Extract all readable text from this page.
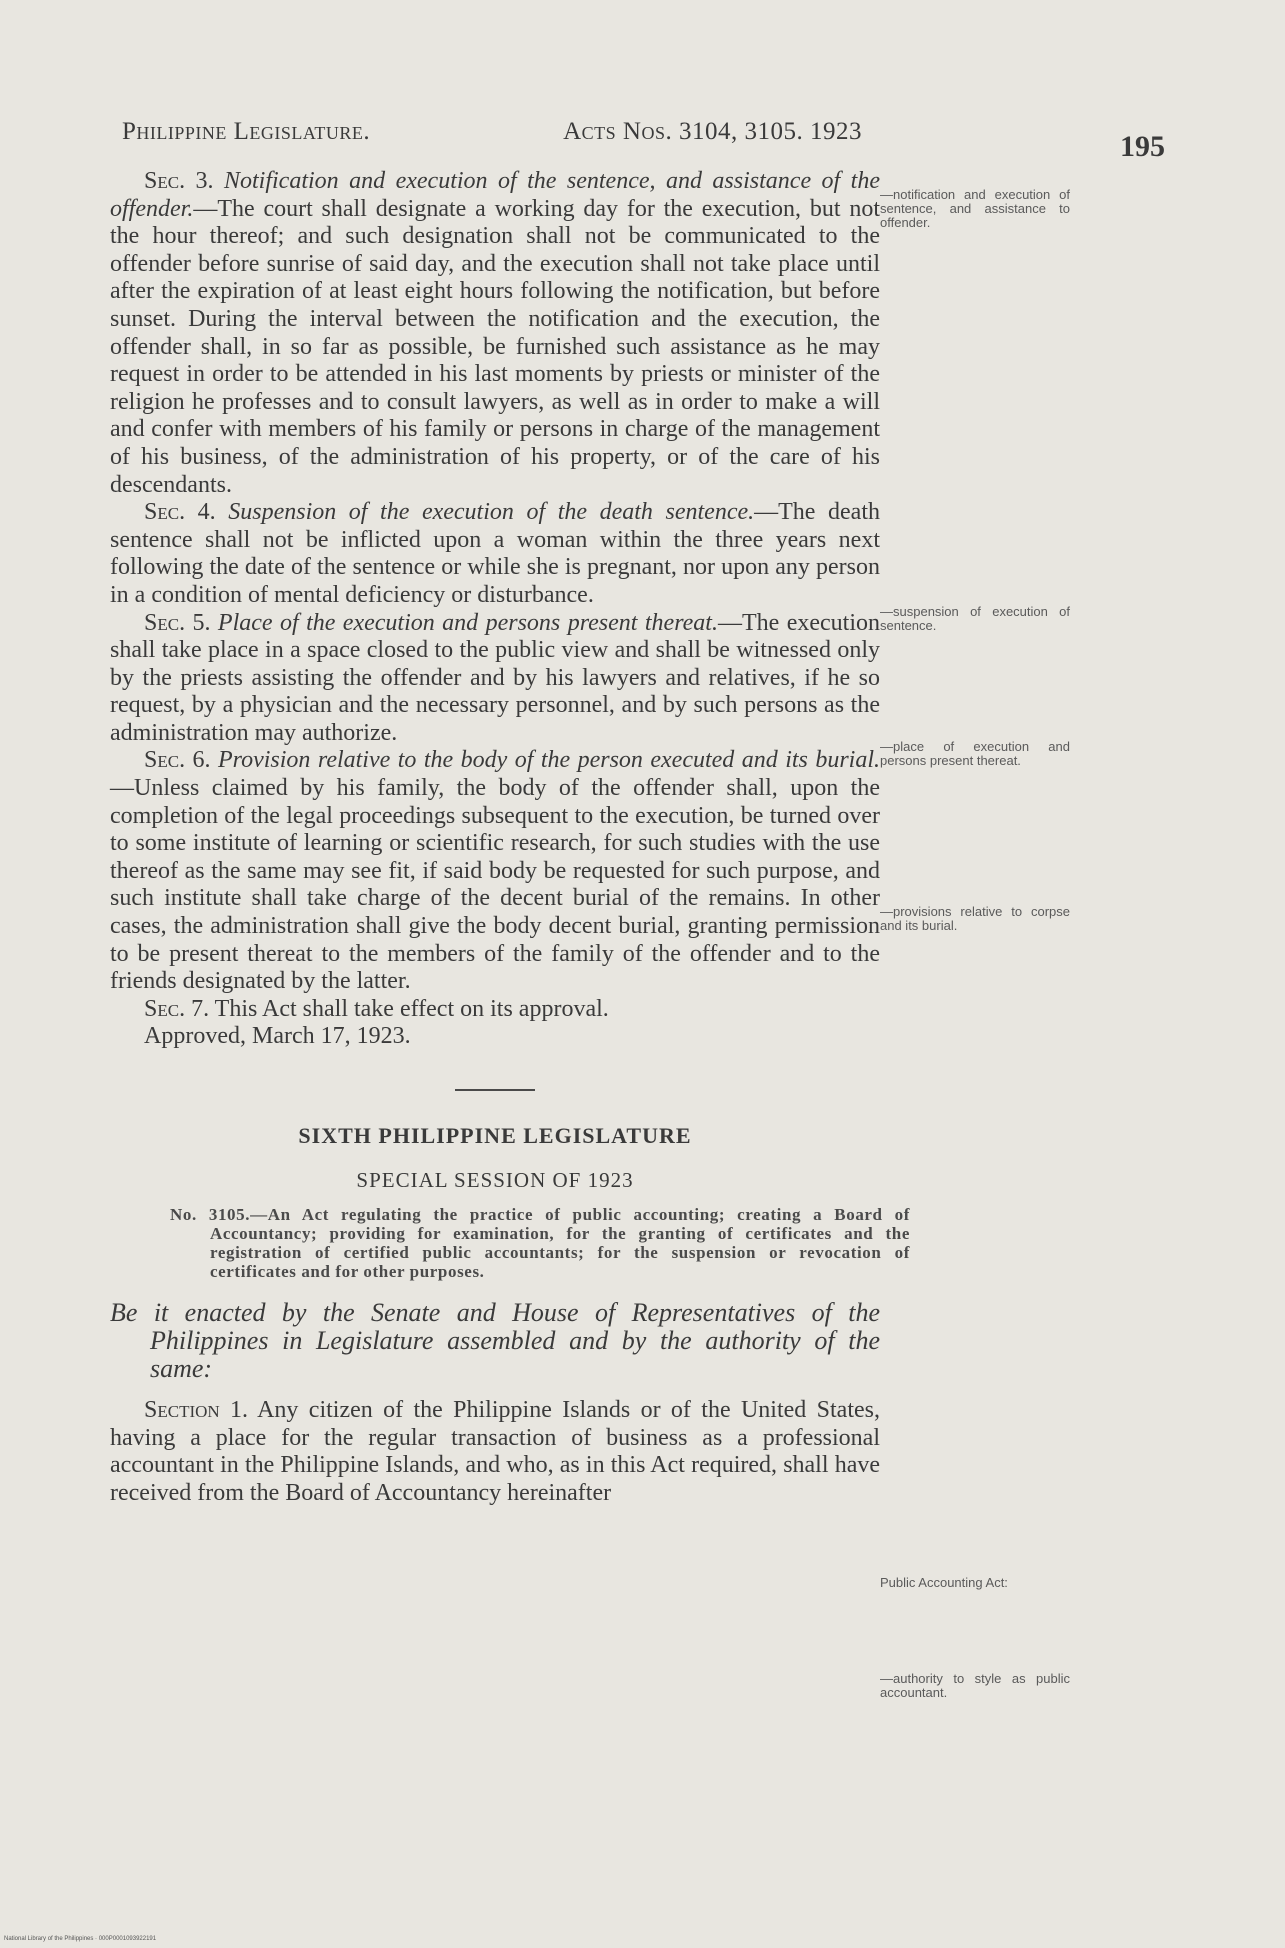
Philippine Legislature.	Acts Nos. 3104, 3105. 1923	195

Sec. 3. Notification and execution of the sentence, and assistance of the offender.—The court shall designate a working day for the execution, but not the hour thereof; and such designation shall not be communicated to the offender before sunrise of said day, and the execution shall not take place until after the expiration of at least eight hours following the notification, but before sunset. During the interval between the notification and the execution, the offender shall, in so far as possible, be furnished such assistance as he may request in order to be attended in his last moments by priests or minister of the religion he professes and to consult lawyers, as well as in order to make a will and confer with members of his family or persons in charge of the management of his business, of the administration of his property, or of the care of his descendants.

Sec. 4. Suspension of the execution of the death sentence.—The death sentence shall not be inflicted upon a woman within the three years next following the date of the sentence or while she is pregnant, nor upon any person in a condition of mental deficiency or disturbance.

Sec. 5. Place of the execution and persons present thereat.—The execution shall take place in a space closed to the public view and shall be witnessed only by the priests assisting the offender and by his lawyers and relatives, if he so request, by a physician and the necessary personnel, and by such persons as the administration may authorize.

Sec. 6. Provision relative to the body of the person executed and its burial.—Unless claimed by his family, the body of the offender shall, upon the completion of the legal proceedings subsequent to the execution, be turned over to some institute of learning or scientific research, for such studies with the use thereof as the same may see fit, if said body be requested for such purpose, and such institute shall take charge of the decent burial of the remains. In other cases, the administration shall give the body decent burial, granting permission to be present thereat to the members of the family of the offender and to the friends designated by the latter.

Sec. 7. This Act shall take effect on its approval.

Approved, March 17, 1923.

SIXTH PHILIPPINE LEGISLATURE
SPECIAL SESSION OF 1923
No. 3105.—An Act regulating the practice of public accounting; creating a Board of Accountancy; providing for examination, for the granting of certificates and the registration of certified public accountants; for the suspension or revocation of certificates and for other purposes.

Be it enacted by the Senate and House of Representatives of the Philippines in Legislature assembled and by the authority of the same:

Section 1. Any citizen of the Philippine Islands or of the United States, having a place for the regular transaction of business as a professional accountant in the Philippine Islands, and who, as in this Act required, shall have received from the Board of Accountancy hereinafter

—notification and execution of sentence, and assistance to offender.
—suspension of execution of sentence.
—place of execution and persons present thereat.
—provisions relative to corpse and its burial.
Public Accounting Act:
—authority to style as public accountant.
National Library of the Philippines · 000P0001093922191
